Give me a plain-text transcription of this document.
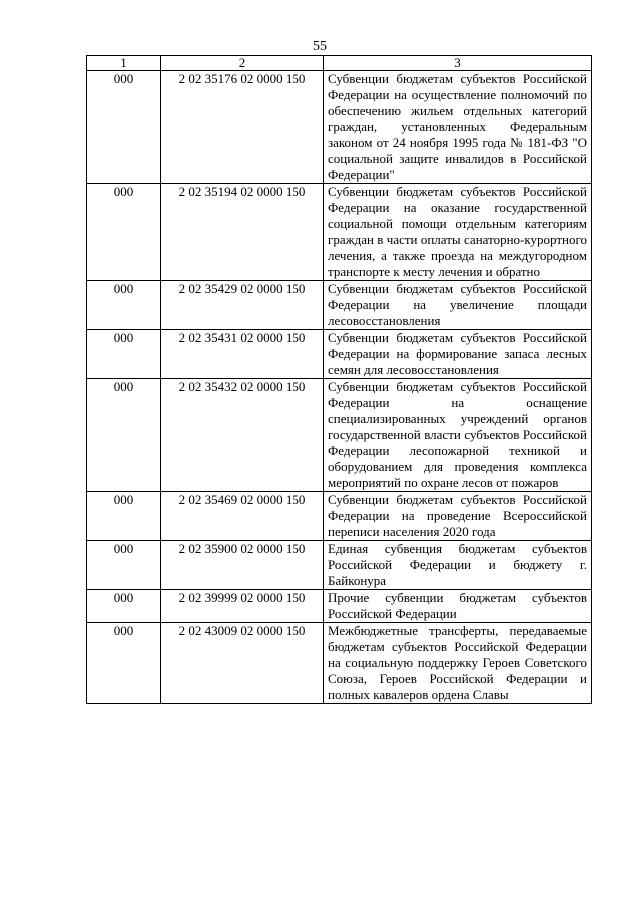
55
1	2	3
000	2 02 35176 02 0000 150	Субвенции бюджетам субъектов Российской Федерации на осуществление полномочий по обеспечению жильем отдельных категорий граждан, установленных Федеральным законом от 24 ноября 1995 года № 181-ФЗ "О социальной защите инвалидов в Российской Федерации"
000	2 02 35194 02 0000 150	Субвенции бюджетам субъектов Российской Федерации на оказание государственной социальной помощи отдельным категориям граждан в части оплаты санаторно-курортного лечения, а также проезда на междугородном транспорте к месту лечения и обратно
000	2 02 35429 02 0000 150	Субвенции бюджетам субъектов Российской Федерации на увеличение площади лесовосстановления
000	2 02 35431 02 0000 150	Субвенции бюджетам субъектов Российской Федерации на формирование запаса лесных семян для лесовосстановления
000	2 02 35432 02 0000 150	Субвенции бюджетам субъектов Российской Федерации на оснащение специализированных учреждений органов государственной власти субъектов Российской Федерации лесопожарной техникой и оборудованием для проведения комплекса мероприятий по охране лесов от пожаров
000	2 02 35469 02 0000 150	Субвенции бюджетам субъектов Российской Федерации на проведение Всероссийской переписи населения 2020 года
000	2 02 35900 02 0000 150	Единая субвенция бюджетам субъектов Российской Федерации и бюджету г. Байконура
000	2 02 39999 02 0000 150	Прочие субвенции бюджетам субъектов Российской Федерации
000	2 02 43009 02 0000 150	Межбюджетные трансферты, передаваемые бюджетам субъектов Российской Федерации на социальную поддержку Героев Советского Союза, Героев Российской Федерации и полных кавалеров ордена Славы
